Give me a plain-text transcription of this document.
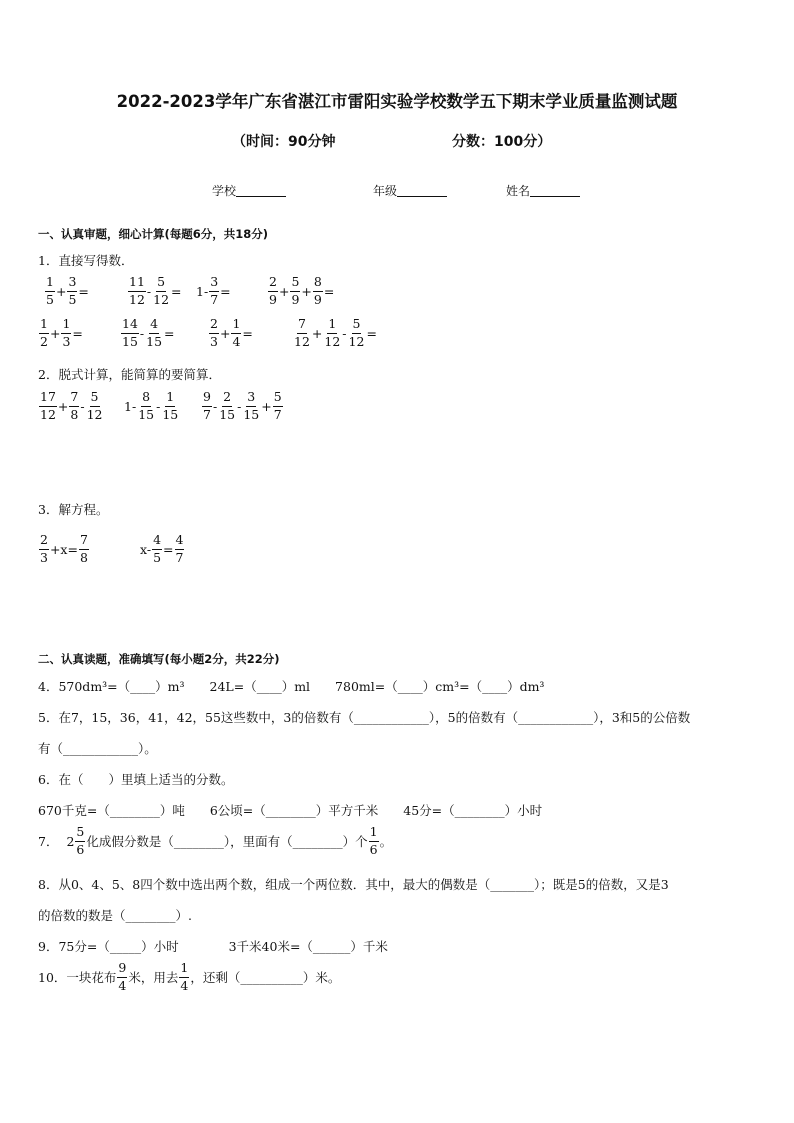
2022-2023学年广东省湛江市雷阳实验学校数学五下期末学业质量监测试题
（时间：90分钟	分数：100分）
学校	年级	姓名
一、认真审题，细心计算(每题6分，共18分)
1．直接写得数．
$\frac{1}{5} + \frac{3}{5}$ =	$\frac{11}{12} - \frac{5}{12} = 1- \frac{3}{7}$ =	$\frac{2}{9} + \frac{5}{9} + \frac{8}{9}$ =
$\frac{1}{2} + \frac{1}{3}$ =	$\frac{14}{15} - \frac{4}{15}$ =	$\frac{2}{3} + \frac{1}{4}$ =	$\frac{7}{12} + \frac{1}{12} - \frac{5}{12}$ =
2．脱式计算，能简算的要简算．
$\frac{17}{12} + \frac{7}{8} - \frac{5}{12} 1- \frac{8}{15} - \frac{1}{15} \frac{9}{7} - \frac{2}{15} - \frac{3}{15} + \frac{5}{7}$
3．解方程。
$\frac{2}{3} +x= \frac{7}{8}$	$x- \frac{4}{5} = \frac{4}{7}$
二、认真读题，准确填写(每小题2分，共22分)
4．570dm³=（____）m³　　24L=（____）ml　　780ml=（____）cm³=（____）dm³
5．在7，15，36，41，42，55这些数中，3的倍数有（____________），5的倍数有（____________），3和5的公倍数
有（____________）。
6．在（　　）里填上适当的分数。
670千克=（________）吨　　6公顷=（________）平方千米　　45分=（________）小时
7． $2 \frac{5}{6}$ 化成假分数是（________），里面有（________）个 $\frac{1}{6}$ 。
8．从0、4、5、8四个数中选出两个数，组成一个两位数．其中，最大的偶数是（_______）；既是5的倍数，又是3
的倍数的数是（________）.
9．75分=（_____）小时　　　　3千米40米=（______）千米
10．一块花布 $\frac{9}{4}$ 米，用去 $\frac{1}{4}$ ，还剩（__________）米。
